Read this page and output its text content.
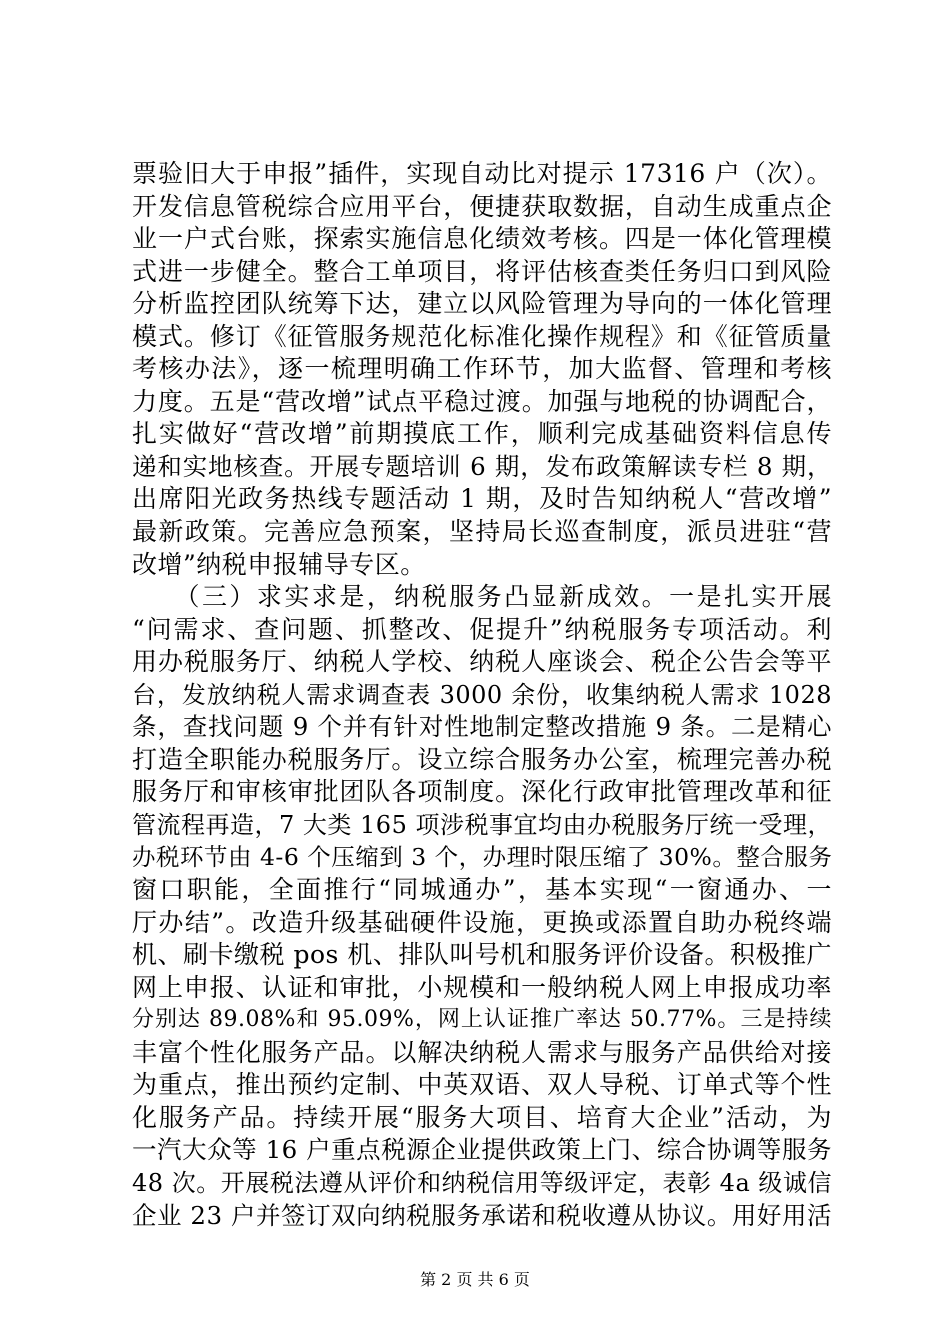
票验旧大于申报”插件，实现自动比对提示 17316 户（次）。
开发信息管税综合应用平台，便捷获取数据，自动生成重点企
业一户式台账，探索实施信息化绩效考核。四是一体化管理模
式进一步健全。整合工单项目，将评估核查类任务归口到风险
分析监控团队统筹下达，建立以风险管理为导向的一体化管理
模式。修订《征管服务规范化标准化操作规程》和《征管质量
考核办法》，逐一梳理明确工作环节，加大监督、管理和考核
力度。五是“营改增”试点平稳过渡。加强与地税的协调配合，
扎实做好“营改增”前期摸底工作，顺利完成基础资料信息传
递和实地核查。开展专题培训 6 期，发布政策解读专栏 8 期，
出席阳光政务热线专题活动 1 期，及时告知纳税人“营改增”
最新政策。完善应急预案，坚持局长巡查制度，派员进驻“营
改增”纳税申报辅导专区。
　　（三）求实求是，纳税服务凸显新成效。一是扎实开展
“问需求、查问题、抓整改、促提升”纳税服务专项活动。利
用办税服务厅、纳税人学校、纳税人座谈会、税企公告会等平
台，发放纳税人需求调查表 3000 余份，收集纳税人需求 1028
条，查找问题 9 个并有针对性地制定整改措施 9 条。二是精心
打造全职能办税服务厅。设立综合服务办公室，梳理完善办税
服务厅和审核审批团队各项制度。深化行政审批管理改革和征
管流程再造，7 大类 165 项涉税事宜均由办税服务厅统一受理，
办税环节由 4-6 个压缩到 3 个，办理时限压缩了 30%。整合服务
窗口职能，全面推行“同城通办”，基本实现“一窗通办、一
厅办结”。改造升级基础硬件设施，更换或添置自助办税终端
机、刷卡缴税 pos 机、排队叫号机和服务评价设备。积极推广
网上申报、认证和审批，小规模和一般纳税人网上申报成功率
分别达 89.08%和 95.09%，网上认证推广率达 50.77%。三是持续
丰富个性化服务产品。以解决纳税人需求与服务产品供给对接
为重点，推出预约定制、中英双语、双人导税、订单式等个性
化服务产品。持续开展“服务大项目、培育大企业”活动，为
一汽大众等 16 户重点税源企业提供政策上门、综合协调等服务
48 次。开展税法遵从评价和纳税信用等级评定，表彰 4a 级诚信
企业 23 户并签订双向纳税服务承诺和税收遵从协议。用好用活
第 2 页 共 6 页
